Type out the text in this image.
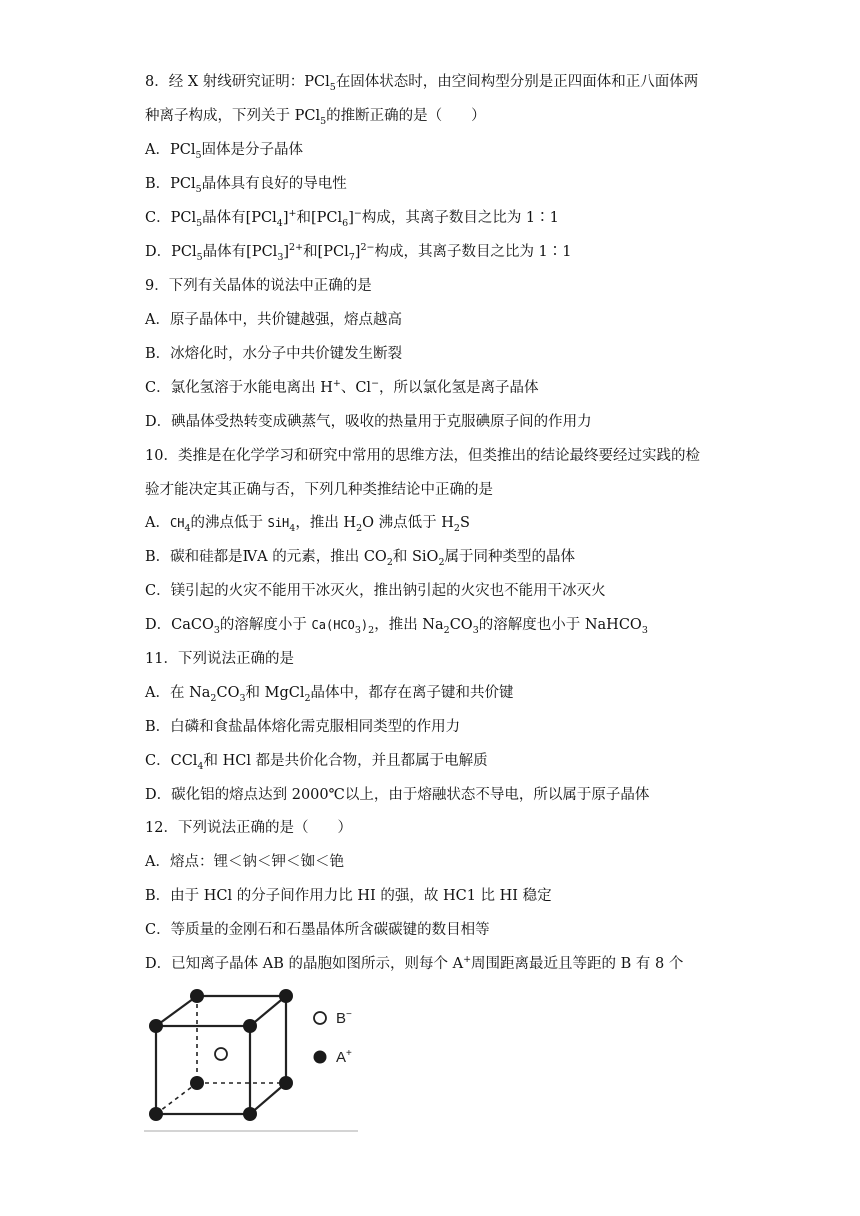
8．经 X 射线研究证明：PCl$_5$在固体状态时，由空间构型分别是正四面体和正八面体两
种离子构成，下列关于 PCl$_5$的推断正确的是（　　）
A．PCl$_5$固体是分子晶体
B．PCl$_5$晶体具有良好的导电性
C．PCl$_5$晶体有[PCl$_4$]+和[PCl$_6$]−构成，其离子数目之比为 1∶1
D．PCl$_5$晶体有$[PCl_3]^{2+}$和$[PCl_7]^{2-}$构成，其离子数目之比为 1∶1
9．下列有关晶体的说法中正确的是
A．原子晶体中，共价键越强，熔点越高
B．冰熔化时，水分子中共价键发生断裂
C．氯化氢溶于水能电离出 H+、Cl−，所以氯化氢是离子晶体
D．碘晶体受热转变成碘蒸气，吸收的热量用于克服碘原子间的作用力
10．类推是在化学学习和研究中常用的思维方法，但类推出的结论最终要经过实践的检
验才能决定其正确与否，下列几种类推结论中正确的是
A．$CH_4$的沸点低于 SiH$_4$，推出 $H_2O$ 沸点低于 $H_2S$
B．碳和硅都是ⅣA 的元素，推出 $CO_2$和 SiO$_2$属于同种类型的晶体
C．镁引起的火灾不能用干冰灭火，推出钠引起的火灾也不能用干冰灭火
D．CaCO$_3$的溶解度小于 $Ca(HCO_3)_2$，推出 $Na_2CO_3$的溶解度也小于 NaHCO$_3$
11．下列说法正确的是
A．在 $Na_2CO_3$和 MgCl$_2$晶体中，都存在离子键和共价键
B．白磷和食盐晶体熔化需克服相同类型的作用力
C．CCl$_4$和 HCl 都是共价化合物，并且都属于电解质
D．碳化铝的熔点达到 2000℃以上，由于熔融状态不导电，所以属于原子晶体
12．下列说法正确的是（　　）
A．熔点：锂＜钠＜钾＜铷＜铯
B．由于 HCl 的分子间作用力比 HI 的强，故 HC1 比 HI 稳定
C．等质量的金刚石和石墨晶体所含碳碳键的数目相等
D．已知离子晶体 AB 的晶胞如图所示，则每个 A+周围距离最近且等距的 B 有 8 个
B−
A+
